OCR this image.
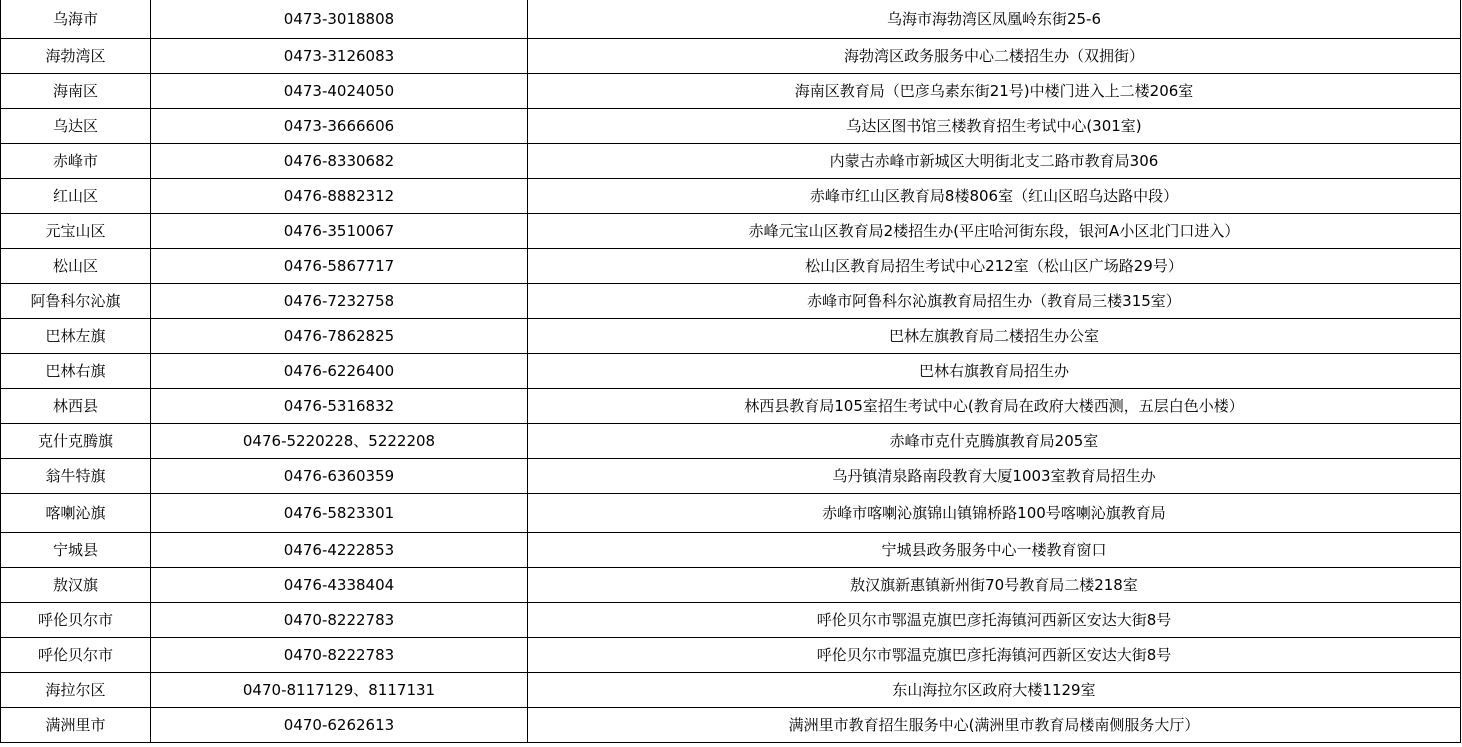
乌海市	0473-3018808	乌海市海勃湾区凤凰岭东街25-6
海勃湾区	0473-3126083	海勃湾区政务服务中心二楼招生办（双拥街）
海南区	0473-4024050	海南区教育局（巴彦乌素东街21号)中楼门进入上二楼206室
乌达区	0473-3666606	乌达区图书馆三楼教育招生考试中心(301室)
赤峰市	0476-8330682	内蒙古赤峰市新城区大明街北支二路市教育局306
红山区	0476-8882312	赤峰市红山区教育局8楼806室（红山区昭乌达路中段）
元宝山区	0476-3510067	赤峰元宝山区教育局2楼招生办(平庄哈河街东段，银河A小区北门口进入）
松山区	0476-5867717	松山区教育局招生考试中心212室（松山区广场路29号）
阿鲁科尔沁旗	0476-7232758	赤峰市阿鲁科尔沁旗教育局招生办（教育局三楼315室）
巴林左旗	0476-7862825	巴林左旗教育局二楼招生办公室
巴林右旗	0476-6226400	巴林右旗教育局招生办
林西县	0476-5316832	林西县教育局105室招生考试中心(教育局在政府大楼西测，五层白色小楼）
克什克腾旗	0476-5220228、5222208	赤峰市克什克腾旗教育局205室
翁牛特旗	0476-6360359	乌丹镇清泉路南段教育大厦1003室教育局招生办
喀喇沁旗	0476-5823301	赤峰市喀喇沁旗锦山镇锦桥路100号喀喇沁旗教育局
宁城县	0476-4222853	宁城县政务服务中心一楼教育窗口
敖汉旗	0476-4338404	敖汉旗新惠镇新州街70号教育局二楼218室
呼伦贝尔市	0470-8222783	呼伦贝尔市鄂温克旗巴彦托海镇河西新区安达大街8号
呼伦贝尔市	0470-8222783	呼伦贝尔市鄂温克旗巴彦托海镇河西新区安达大街8号
海拉尔区	0470-8117129、8117131	东山海拉尔区政府大楼1129室
满洲里市	0470-6262613	满洲里市教育招生服务中心(满洲里市教育局楼南侧服务大厅）
